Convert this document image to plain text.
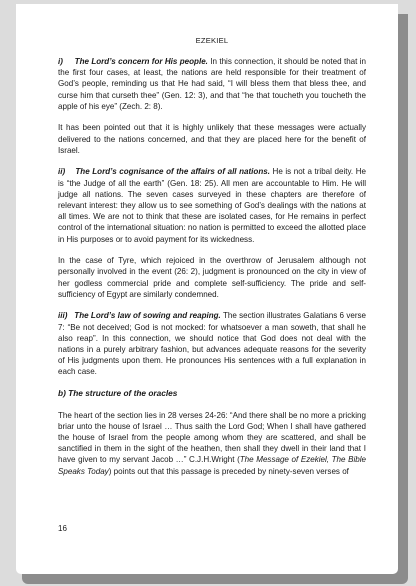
EZEKIEL

i)     The Lord’s concern for His people. In this connection, it should be noted that in the first four cases, at least, the nations are held responsible for their treatment of God’s people, reminding us that He had said, “I will bless them that bless thee, and curse him that curseth thee” (Gen. 12: 3), and that “he that toucheth you toucheth the apple of his eye” (Zech. 2: 8).

It has been pointed out that it is highly unlikely that these messages were actually delivered to the nations concerned, and that they are placed here for the benefit of Israel.

ii)    The Lord’s cognisance of the affairs of all nations. He is not a tribal deity. He is “the Judge of all the earth” (Gen. 18: 25). All men are accountable to Him. He will judge all nations. The seven cases surveyed in these chapters are therefore of relevant interest: they allow us to see something of God’s dealings with the nations at all times. We are not to think that these are isolated cases, for He remains in perfect control of the international situation: no nation is permitted to exceed the allotted place in His purposes or to avoid payment for its wickedness.

In the case of Tyre, which rejoiced in the overthrow of Jerusalem although not personally involved in the event (26: 2), judgment is pronounced on the city in view of her godless commercial pride and complete self-sufficiency. The pride and self-sufficiency of Egypt are similarly condemned.

iii)   The Lord’s law of sowing and reaping. The section illustrates Galatians 6 verse 7: “Be not deceived; God is not mocked: for whatsoever a man soweth, that shall he also reap”. In this connection, we should notice that God does not deal with the nations in a purely arbitrary fashion, but advances adequate reasons for the severity of His judgments upon them. He pronounces His sentences with a full explanation in each case.

b) The structure of the oracles

The heart of the section lies in 28 verses 24-26: “And there shall be no more a pricking briar unto the house of Israel … Thus saith the Lord God; When I shall have gathered the house of Israel from the people among whom they are scattered, and shall be sanctified in them in the sight of the heathen, then shall they dwell in their land that I have given to my servant Jacob …” C.J.H.Wright (The Message of Ezekiel, The Bible Speaks Today) points out that this passage is preceded by ninety-seven verses of

16
